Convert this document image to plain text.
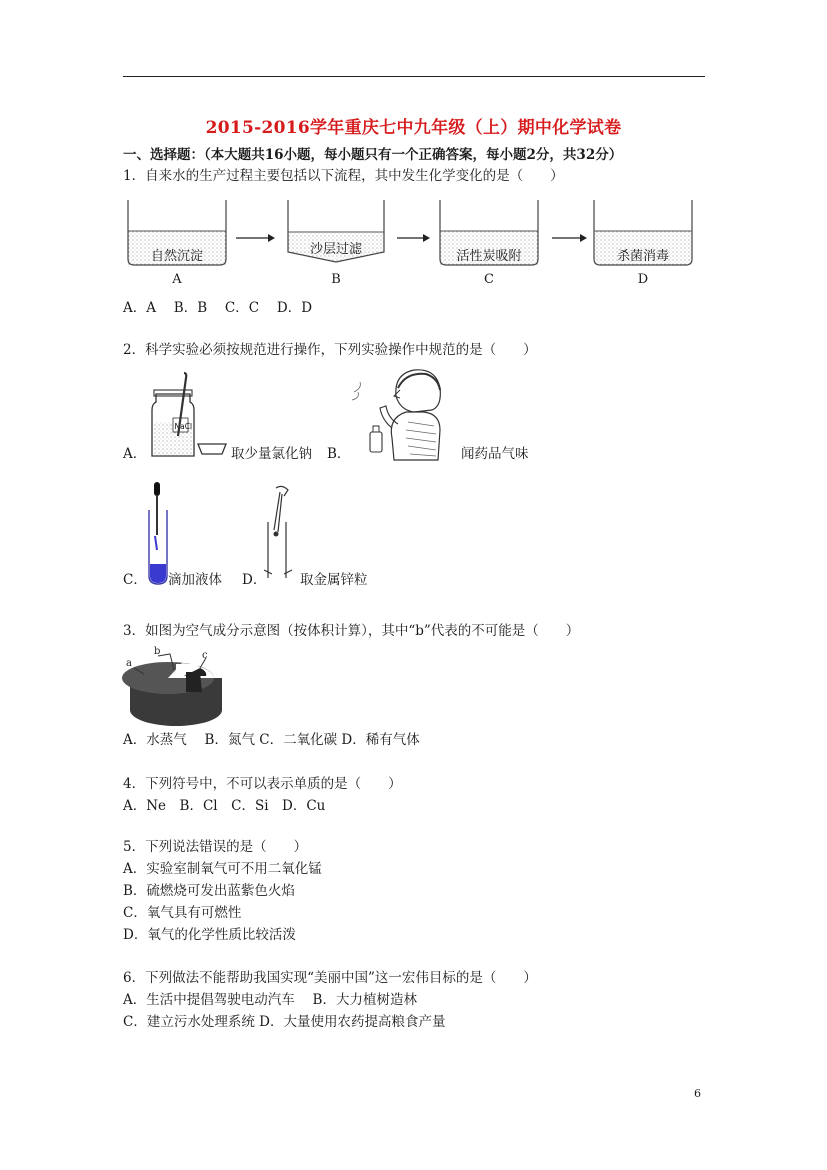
2015-2016学年重庆七中九年级（上）期中化学试卷
一、选择题：（本大题共16小题，每小题只有一个正确答案，每小题2分，共32分）
1．自来水的生产过程主要包括以下流程，其中发生化学变化的是（　　）
自然沉淀	沙层过滤	活性炭吸附	杀菌消毒
A	B	C	D
A．A　 B．B　 C．C　 D．D
2．科学实验必须按规范进行操作，下列实验操作中规范的是（　　）
NaCl
A．	取少量氯化钠 B．	闻药品气味
C． 滴加液体 D． 取金属锌粒
3．如图为空气成分示意图（按体积计算），其中“b”代表的不可能是（　　）
a
b	c
A．水蒸气　 B．氮气 C．二氧化碳 D．稀有气体
4．下列符号中，不可以表示单质的是（　　）
A．Ne　B．Cl　C．Si　D．Cu
5．下列说法错误的是（　　）
A．实验室制氧气可不用二氧化锰
B．硫燃烧可发出蓝紫色火焰
C．氧气具有可燃性
D．氧气的化学性质比较活泼
6．下列做法不能帮助我国实现“美丽中国”这一宏伟目标的是（　　）
A．生活中提倡驾驶电动汽车　 B．大力植树造林
C．建立污水处理系统 D．大量使用农药提高粮食产量
6
